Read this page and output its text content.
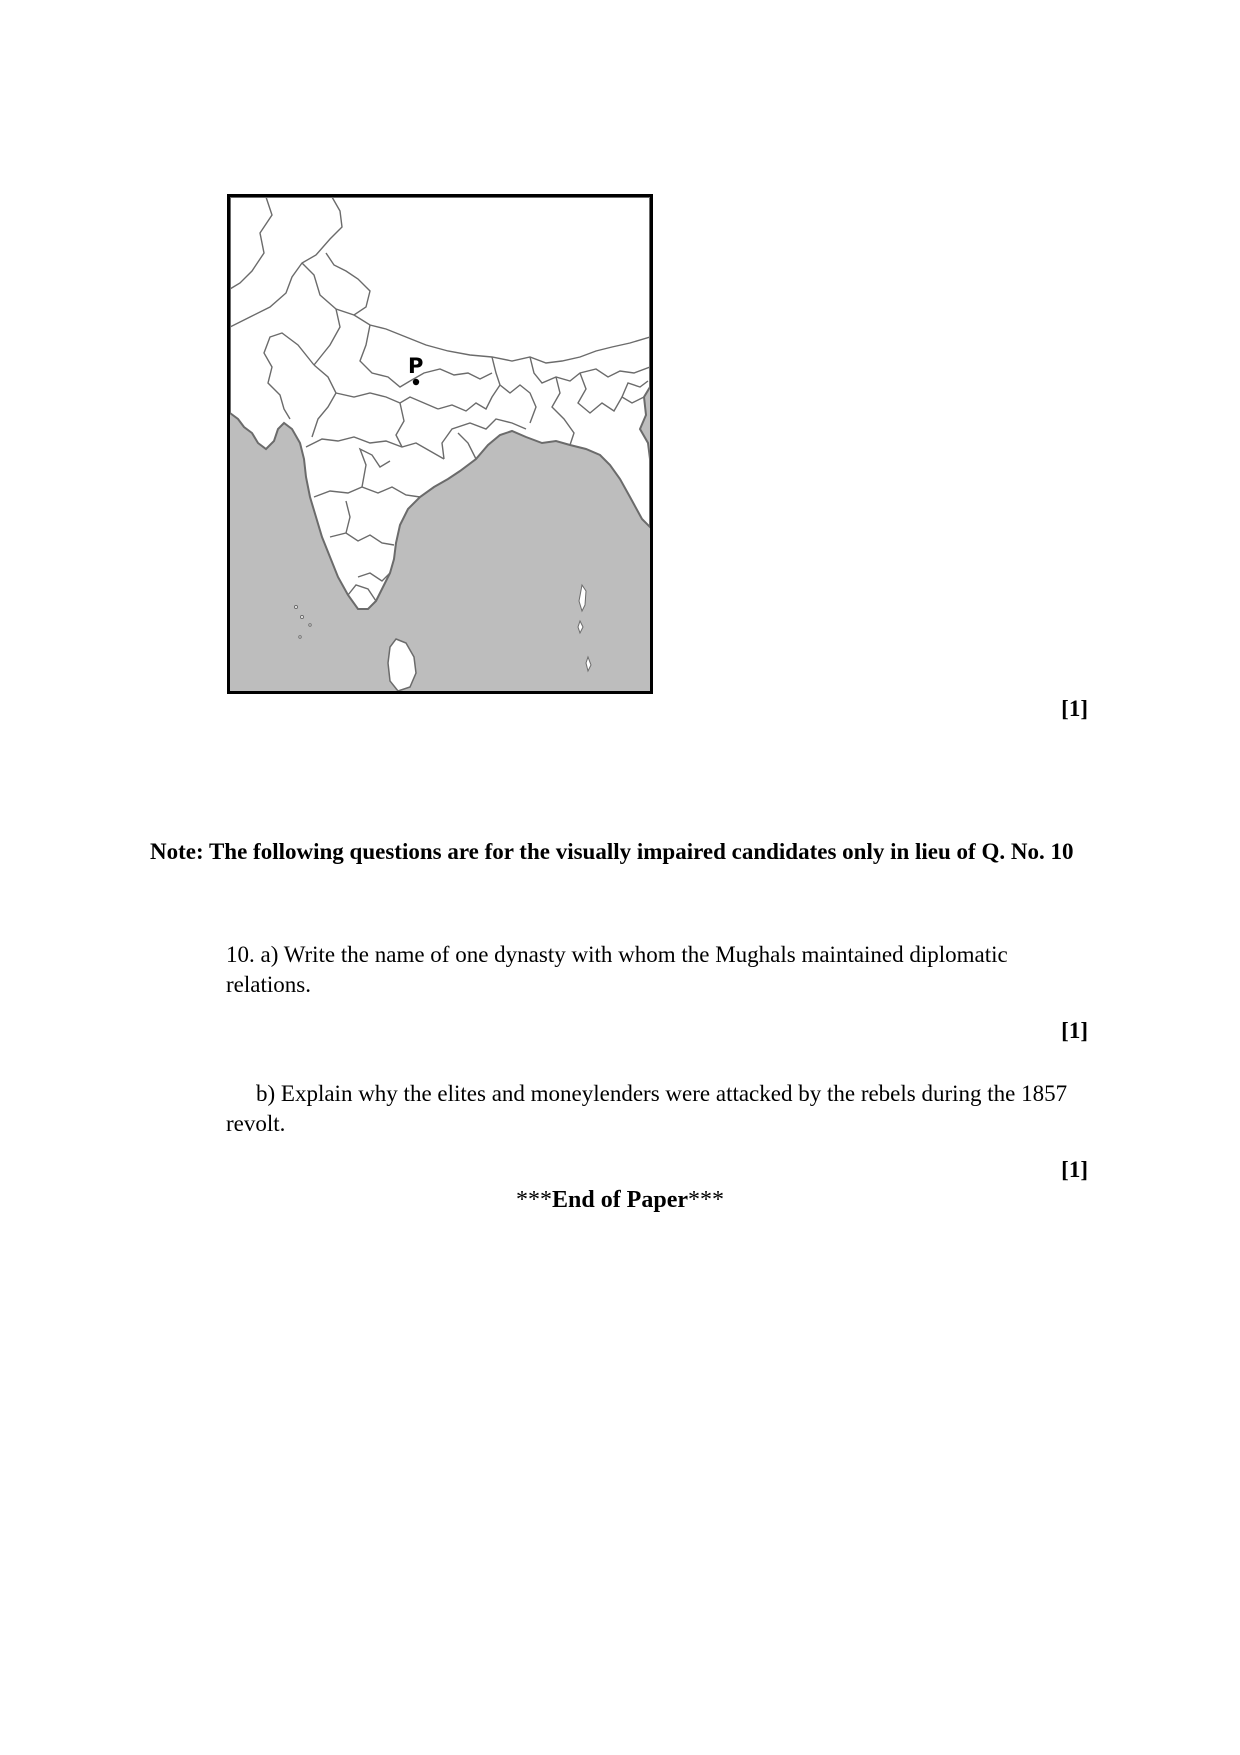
P
[1]
Note: The following questions are for the visually impaired candidates only in lieu of Q. No. 10
10. a) Write the name of one dynasty with whom the Mughals maintained diplomatic relations.
[1]
b) Explain why the elites and moneylenders were attacked by the rebels during the 1857 revolt.
[1]
***End of Paper***
